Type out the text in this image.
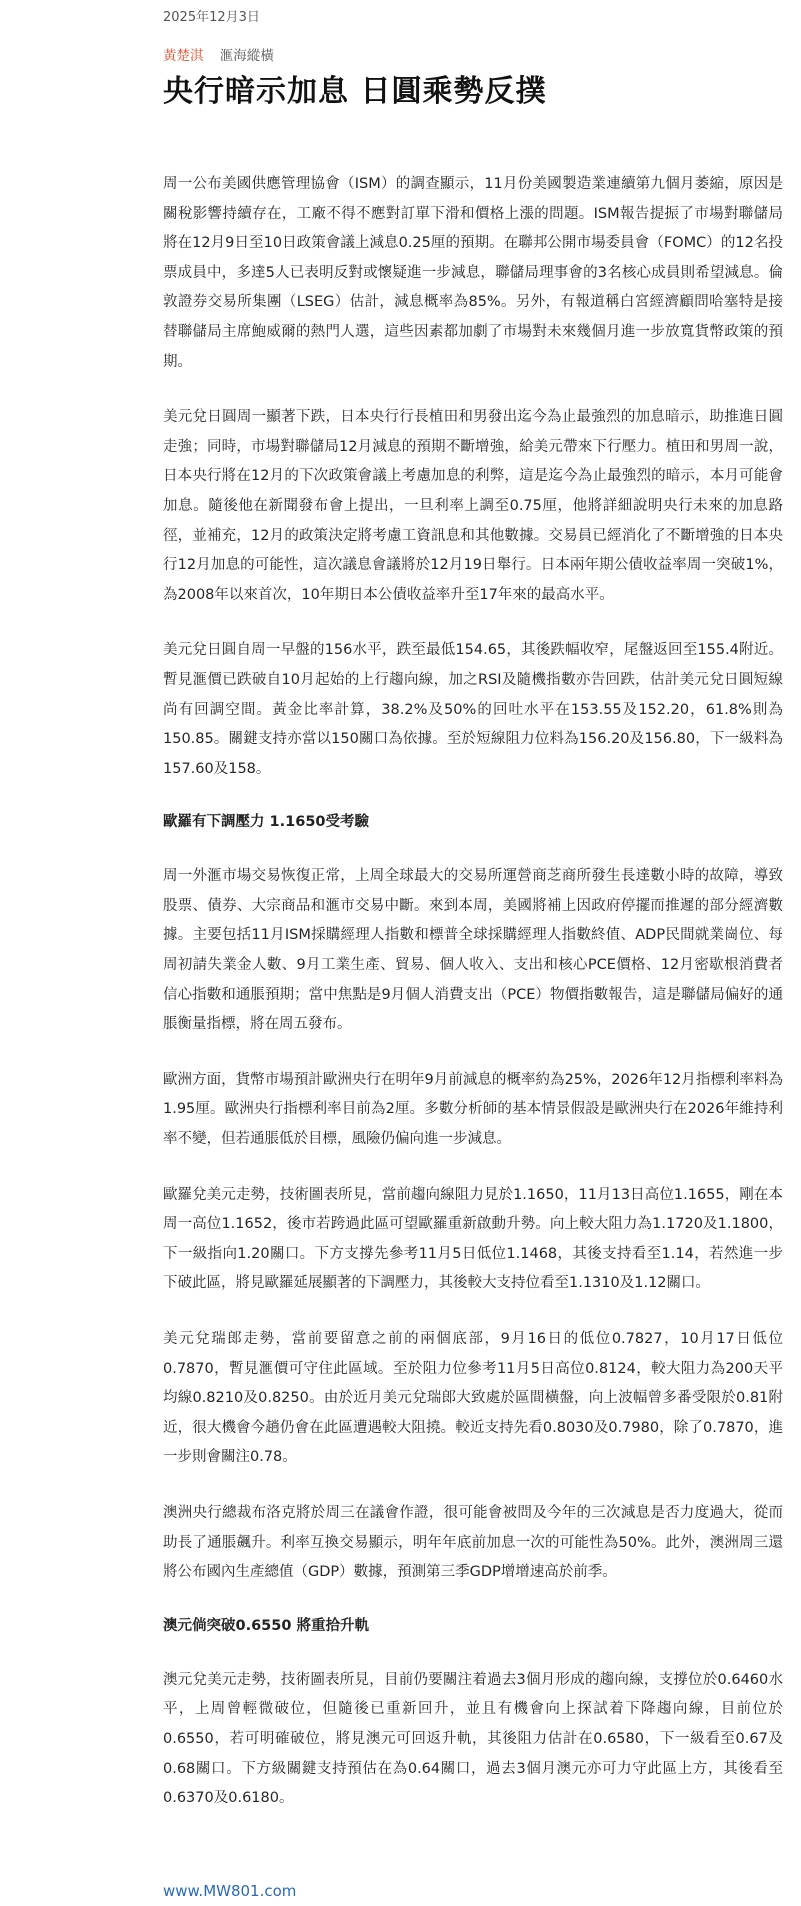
2025年12月3日
黃楚淇 滙海縱橫
央行暗示加息 日圓乘勢反撲

周一公布美國供應管理協會（ISM）的調查顯示，11月份美國製造業連續第九個月萎縮，原因是關稅影響持續存在，工廠不得不應對訂單下滑和價格上漲的問題。ISM報告提振了市場對聯儲局將在12月9日至10日政策會議上減息0.25厘的預期。在聯邦公開市場委員會（FOMC）的12名投票成員中，多達5人已表明反對或懷疑進一步減息，聯儲局理事會的3名核心成員則希望減息。倫敦證券交易所集團（LSEG）估計，減息概率為85%。另外，有報道稱白宮經濟顧問哈塞特是接替聯儲局主席鮑威爾的熱門人選，這些因素都加劇了市場對未來幾個月進一步放寬貨幣政策的預期。

美元兌日圓周一顯著下跌，日本央行行長植田和男發出迄今為止最強烈的加息暗示，助推進日圓走強；同時，市場對聯儲局12月減息的預期不斷增強，給美元帶來下行壓力。植田和男周一說，日本央行將在12月的下次政策會議上考慮加息的利弊，這是迄今為止最強烈的暗示，本月可能會加息。隨後他在新聞發布會上提出，一旦利率上調至0.75厘，他將詳細說明央行未來的加息路徑，並補充，12月的政策決定將考慮工資訊息和其他數據。交易員已經消化了不斷增強的日本央行12月加息的可能性，這次議息會議將於12月19日舉行。日本兩年期公債收益率周一突破1%，為2008年以來首次，10年期日本公債收益率升至17年來的最高水平。

美元兌日圓自周一早盤的156水平，跌至最低154.65，其後跌幅收窄，尾盤返回至155.4附近。暫見滙價已跌破自10月起始的上行趨向線，加之RSI及隨機指數亦告回跌，估計美元兌日圓短線尚有回調空間。黃金比率計算，38.2%及50%的回吐水平在153.55及152.20，61.8%則為150.85。關鍵支持亦當以150關口為依據。至於短線阻力位料為156.20及156.80，下一級料為157.60及158。

歐羅有下調壓力 1.1650受考驗

周一外滙市場交易恢復正常，上周全球最大的交易所運營商芝商所發生長達數小時的故障，導致股票、債券、大宗商品和滙市交易中斷。來到本周，美國將補上因政府停擺而推遲的部分經濟數據。主要包括11月ISM採購經理人指數和標普全球採購經理人指數終值、ADP民間就業崗位、每周初請失業金人數、9月工業生產、貿易、個人收入、支出和核心PCE價格、12月密歇根消費者信心指數和通脹預期；當中焦點是9月個人消費支出（PCE）物價指數報告，這是聯儲局偏好的通脹衡量指標，將在周五發布。

歐洲方面，貨幣市場預計歐洲央行在明年9月前減息的概率約為25%，2026年12月指標利率料為1.95厘。歐洲央行指標利率目前為2厘。多數分析師的基本情景假設是歐洲央行在2026年維持利率不變，但若通脹低於目標，風險仍偏向進一步減息。

歐羅兌美元走勢，技術圖表所見，當前趨向線阻力見於1.1650，11月13日高位1.1655，剛在本周一高位1.1652，後市若跨過此區可望歐羅重新啟動升勢。向上較大阻力為1.1720及1.1800，下一級指向1.20關口。下方支撐先參考11月5日低位1.1468，其後支持看至1.14，若然進一步下破此區，將見歐羅延展顯著的下調壓力，其後較大支持位看至1.1310及1.12關口。

美元兌瑞郎走勢，當前要留意之前的兩個底部，9月16日的低位0.7827，10月17日低位0.7870，暫見滙價可守住此區域。至於阻力位參考11月5日高位0.8124，較大阻力為200天平均線0.8210及0.8250。由於近月美元兌瑞郎大致處於區間橫盤，向上波幅曾多番受限於0.81附近，很大機會今趟仍會在此區遭遇較大阻撓。較近支持先看0.8030及0.7980，除了0.7870，進一步則會關注0.78。

澳洲央行總裁布洛克將於周三在議會作證，很可能會被問及今年的三次減息是否力度過大，從而助長了通脹飆升。利率互換交易顯示，明年年底前加息一次的可能性為50%。此外，澳洲周三還將公布國內生產總值（GDP）數據，預測第三季GDP增增速高於前季。

澳元倘突破0.6550 將重拾升軌

澳元兌美元走勢，技術圖表所見，目前仍要關注着過去3個月形成的趨向線，支撐位於0.6460水平，上周曾輕微破位，但隨後已重新回升，並且有機會向上探試着下降趨向線，目前位於0.6550，若可明確破位，將見澳元可回返升軌，其後阻力估計在0.6580，下一級看至0.67及0.68關口。下方級關鍵支持預估在為0.64關口，過去3個月澳元亦可力守此區上方，其後看至0.6370及0.6180。

www.MW801.com
